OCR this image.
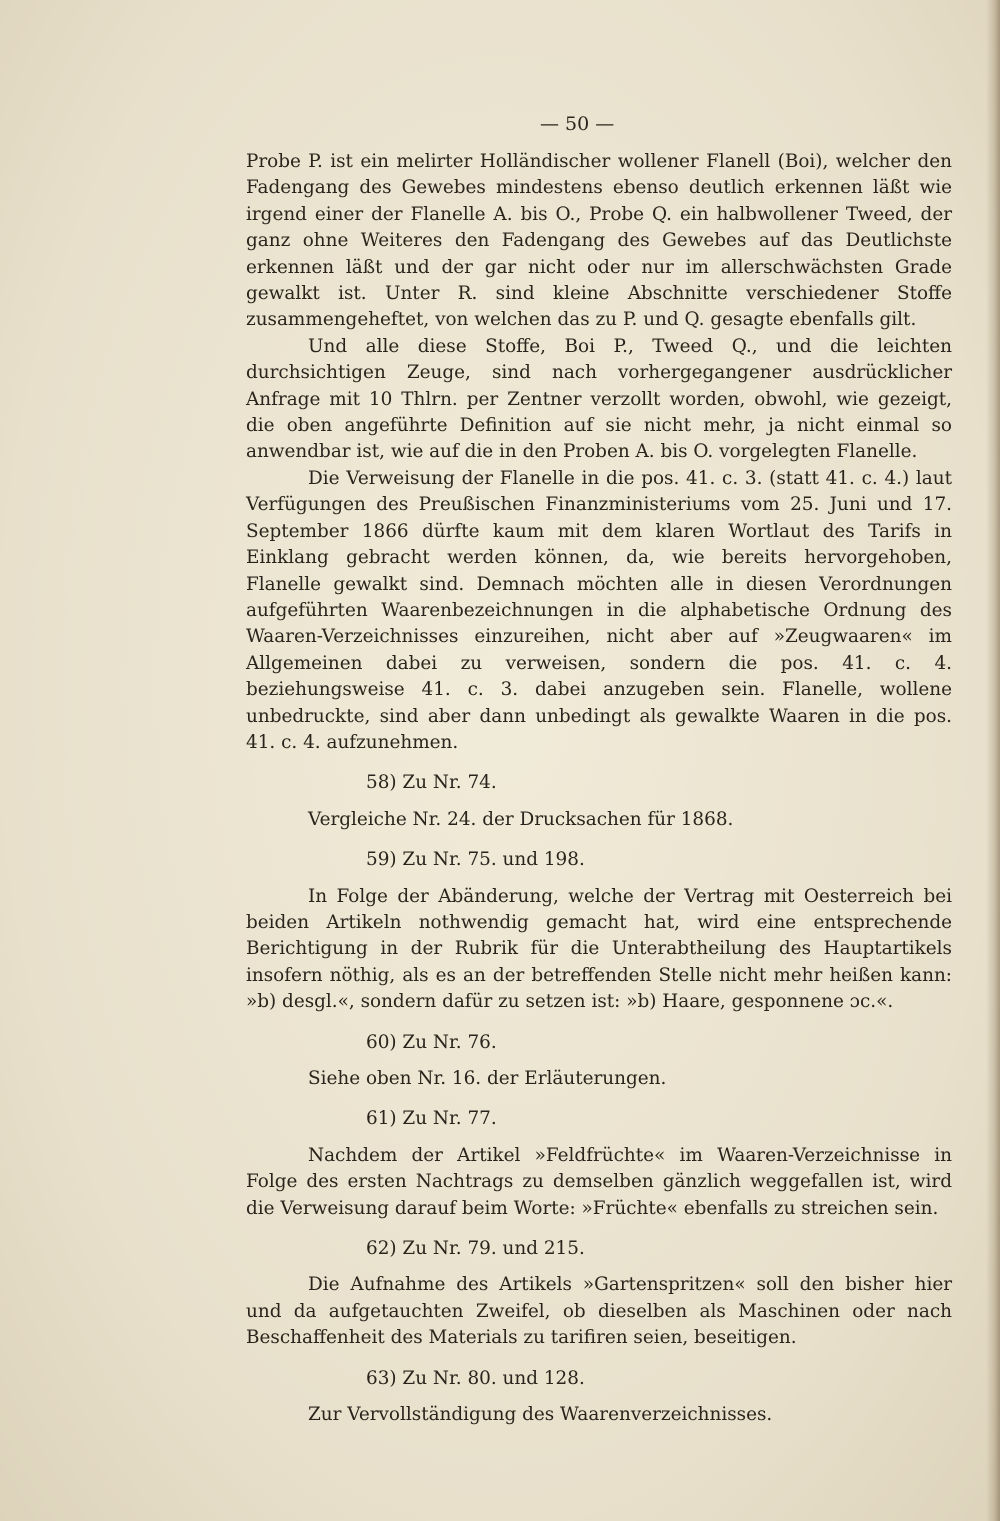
— 50 —

Probe P. ist ein melirter Holländischer wollener Flanell (Boi), welcher den Fadengang des Gewebes mindestens ebenso deutlich erkennen läßt wie irgend einer der Flanelle A. bis O., Probe Q. ein halbwollener Tweed, der ganz ohne Weiteres den Fadengang des Gewebes auf das Deutlichste erkennen läßt und der gar nicht oder nur im allerschwächsten Grade gewalkt ist. Unter R. sind kleine Abschnitte verschiedener Stoffe zusammengeheftet, von welchen das zu P. und Q. gesagte ebenfalls gilt.

Und alle diese Stoffe, Boi P., Tweed Q., und die leichten durchsichtigen Zeuge, sind nach vorhergegangener ausdrücklicher Anfrage mit 10 Thlrn. per Zentner verzollt worden, obwohl, wie gezeigt, die oben angeführte Definition auf sie nicht mehr, ja nicht einmal so anwendbar ist, wie auf die in den Proben A. bis O. vorgelegten Flanelle.

Die Verweisung der Flanelle in die pos. 41. c. 3. (statt 41. c. 4.) laut Verfügungen des Preußischen Finanzministeriums vom 25. Juni und 17. September 1866 dürfte kaum mit dem klaren Wortlaut des Tarifs in Einklang gebracht werden können, da, wie bereits hervorgehoben, Flanelle gewalkt sind. Demnach möchten alle in diesen Verordnungen aufgeführten Waarenbezeichnungen in die alphabetische Ordnung des Waaren-Verzeichnisses einzureihen, nicht aber auf »Zeugwaaren« im Allgemeinen dabei zu verweisen, sondern die pos. 41. c. 4. beziehungsweise 41. c. 3. dabei anzugeben sein. Flanelle, wollene unbedruckte, sind aber dann unbedingt als gewalkte Waaren in die pos. 41. c. 4. aufzunehmen.

58) Zu Nr. 74.

Vergleiche Nr. 24. der Drucksachen für 1868.

59) Zu Nr. 75. und 198.

In Folge der Abänderung, welche der Vertrag mit Oesterreich bei beiden Artikeln nothwendig gemacht hat, wird eine entsprechende Berichtigung in der Rubrik für die Unterabtheilung des Hauptartikels insofern nöthig, als es an der betreffenden Stelle nicht mehr heißen kann: »b) desgl.«, sondern dafür zu setzen ist: »b) Haare, gesponnene ɔc.«.

60) Zu Nr. 76.

Siehe oben Nr. 16. der Erläuterungen.

61) Zu Nr. 77.

Nachdem der Artikel »Feldfrüchte« im Waaren-Verzeichnisse in Folge des ersten Nachtrags zu demselben gänzlich weggefallen ist, wird die Verweisung darauf beim Worte: »Früchte« ebenfalls zu streichen sein.

62) Zu Nr. 79. und 215.

Die Aufnahme des Artikels »Gartenspritzen« soll den bisher hier und da aufgetauchten Zweifel, ob dieselben als Maschinen oder nach Beschaffenheit des Materials zu tarifiren seien, beseitigen.

63) Zu Nr. 80. und 128.

Zur Vervollständigung des Waarenverzeichnisses.
